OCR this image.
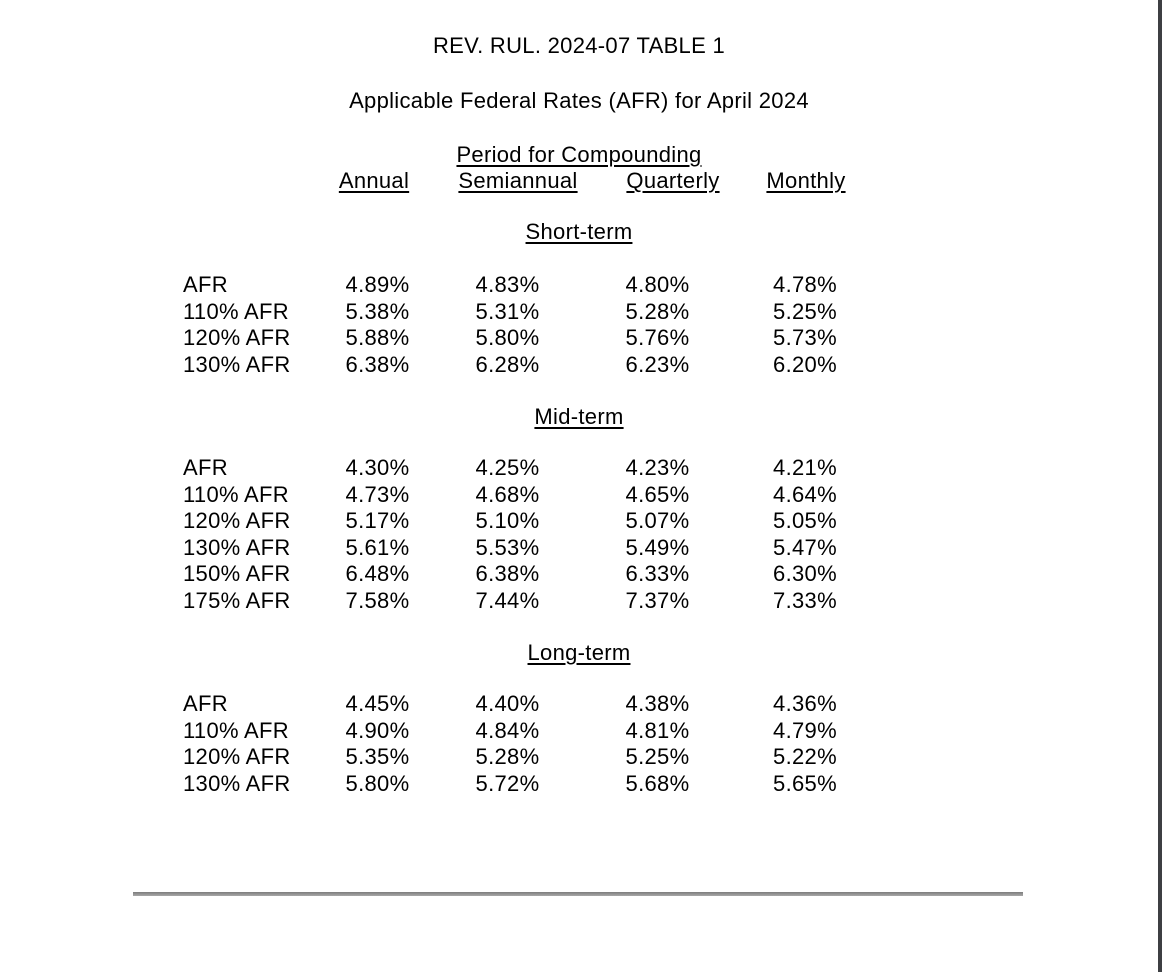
REV. RUL. 2024-07 TABLE 1
Applicable Federal Rates (AFR) for April 2024
Period for Compounding
Annual	Semiannual	Quarterly	Monthly
Short-term
AFR	4.89%	4.83%	4.80%	4.78%
110% AFR	5.38%	5.31%	5.28%	5.25%
120% AFR	5.88%	5.80%	5.76%	5.73%
130% AFR	6.38%	6.28%	6.23%	6.20%
Mid-term
AFR	4.30%	4.25%	4.23%	4.21%
110% AFR	4.73%	4.68%	4.65%	4.64%
120% AFR	5.17%	5.10%	5.07%	5.05%
130% AFR	5.61%	5.53%	5.49%	5.47%
150% AFR	6.48%	6.38%	6.33%	6.30%
175% AFR	7.58%	7.44%	7.37%	7.33%
Long-term
AFR	4.45%	4.40%	4.38%	4.36%
110% AFR	4.90%	4.84%	4.81%	4.79%
120% AFR	5.35%	5.28%	5.25%	5.22%
130% AFR	5.80%	5.72%	5.68%	5.65%
